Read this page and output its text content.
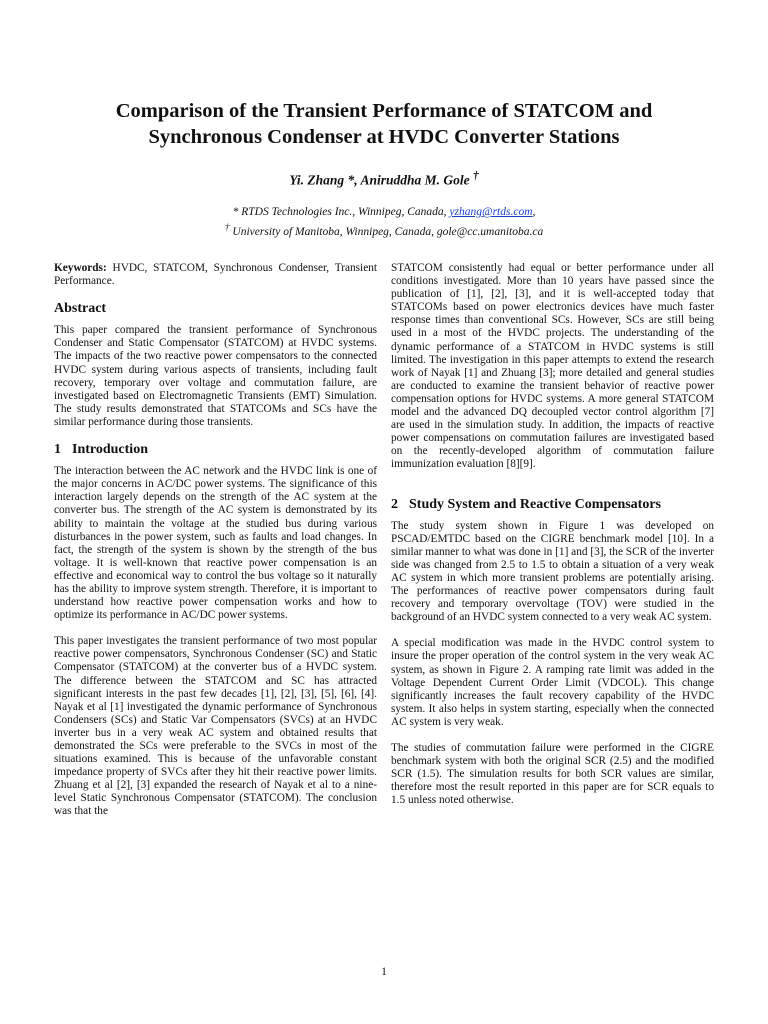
Comparison of the Transient Performance of STATCOM and
Synchronous Condenser at HVDC Converter Stations
Yi. Zhang *, Aniruddha M. Gole †
* RTDS Technologies Inc., Winnipeg, Canada, yzhang@rtds.com,
† University of Manitoba, Winnipeg, Canada, gole@cc.umanitoba.ca

Keywords: HVDC, STATCOM, Synchronous Condenser, Transient Performance.

Abstract

This paper compared the transient performance of Synchronous Condenser and Static Compensator (STATCOM) at HVDC systems. The impacts of the two reactive power compensators to the connected HVDC system during various aspects of transients, including fault recovery, temporary over voltage and commutation failure, are investigated based on Electromagnetic Transients (EMT) Simulation. The study results demonstrated that STATCOMs and SCs have the similar performance during those transients.

1 Introduction

The interaction between the AC network and the HVDC link is one of the major concerns in AC/DC power systems. The significance of this interaction largely depends on the strength of the AC system at the converter bus. The strength of the AC system is demonstrated by its ability to maintain the voltage at the studied bus during various disturbances in the power system, such as faults and load changes. In fact, the strength of the system is shown by the strength of the bus voltage. It is well-known that reactive power compensation is an effective and economical way to control the bus voltage so it naturally has the ability to improve system strength. Therefore, it is important to understand how reactive power compensation works and how to optimize its performance in AC/DC power systems.

This paper investigates the transient performance of two most popular reactive power compensators, Synchronous Condenser (SC) and Static Compensator (STATCOM) at the converter bus of a HVDC system. The difference between the STATCOM and SC has attracted significant interests in the past few decades [1], [2], [3], [5], [6], [4]. Nayak et al [1] investigated the dynamic performance of Synchronous Condensers (SCs) and Static Var Compensators (SVCs) at an HVDC inverter bus in a very weak AC system and obtained results that demonstrated the SCs were preferable to the SVCs in most of the situations examined. This is because of the unfavorable constant impedance property of SVCs after they hit their reactive power limits. Zhuang et al [2], [3] expanded the research of Nayak et al to a nine-level Static Synchronous Compensator (STATCOM). The conclusion was that the

STATCOM consistently had equal or better performance under all conditions investigated. More than 10 years have passed since the publication of [1], [2], [3], and it is well-accepted today that STATCOMs based on power electronics devices have much faster response times than conventional SCs. However, SCs are still being used in a most of the HVDC projects. The understanding of the dynamic performance of a STATCOM in HVDC systems is still limited. The investigation in this paper attempts to extend the research work of Nayak [1] and Zhuang [3]; more detailed and general studies are conducted to examine the transient behavior of reactive power compensation options for HVDC systems. A more general STATCOM model and the advanced DQ decoupled vector control algorithm [7] are used in the simulation study. In addition, the impacts of reactive power compensations on commutation failures are investigated based on the recently-developed algorithm of commutation failure immunization evaluation [8][9].

2 Study System and Reactive Compensators

The study system shown in Figure 1 was developed on PSCAD/EMTDC based on the CIGRE benchmark model [10]. In a similar manner to what was done in [1] and [3], the SCR of the inverter side was changed from 2.5 to 1.5 to obtain a situation of a very weak AC system in which more transient problems are potentially arising. The performances of reactive power compensators during fault recovery and temporary overvoltage (TOV) were studied in the background of an HVDC system connected to a very weak AC system.

A special modification was made in the HVDC control system to insure the proper operation of the control system in the very weak AC system, as shown in Figure 2. A ramping rate limit was added in the Voltage Dependent Current Order Limit (VDCOL). This change significantly increases the fault recovery capability of the HVDC system. It also helps in system starting, especially when the connected AC system is very weak.

The studies of commutation failure were performed in the CIGRE benchmark system with both the original SCR (2.5) and the modified SCR (1.5). The simulation results for both SCR values are similar, therefore most the result reported in this paper are for SCR equals to 1.5 unless noted otherwise.

1
